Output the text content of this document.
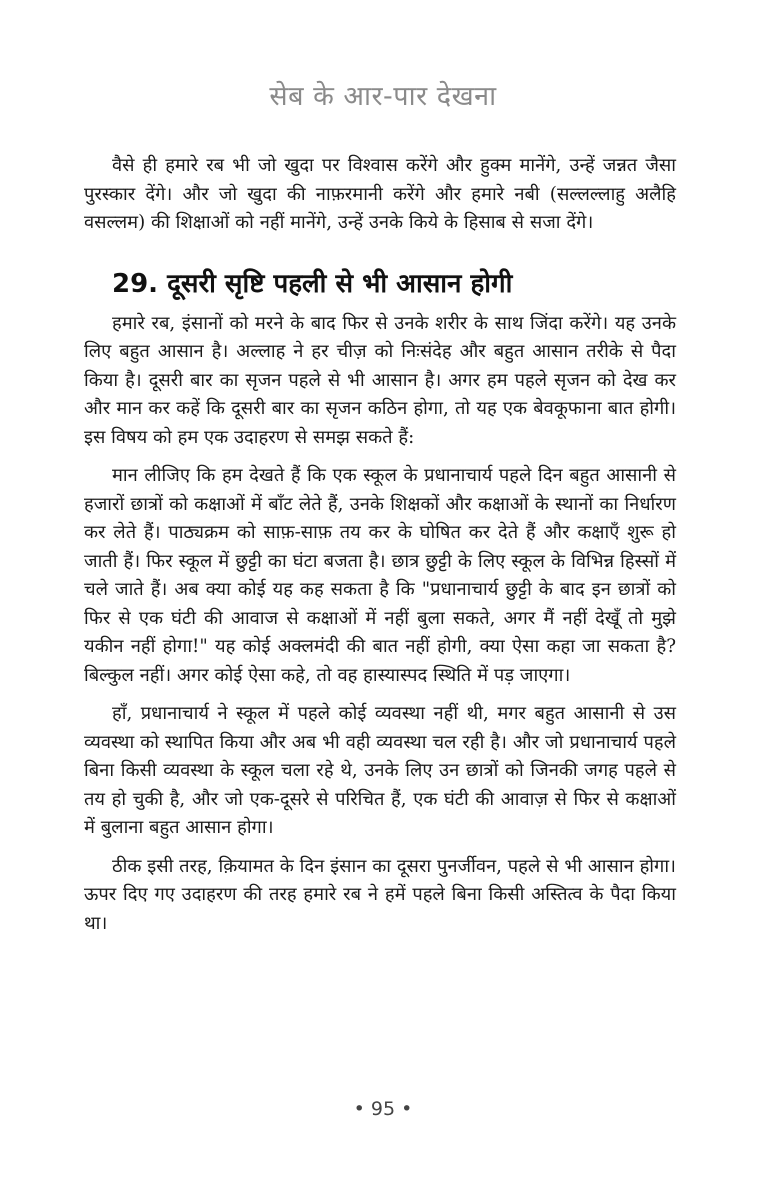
सेब के आर-पार देखना

वैसे ही हमारे रब भी जो खुदा पर विश्वास करेंगे और हुक्म मानेंगे, उन्हें जन्नत जैसा पुरस्कार देंगे। और जो खुदा की नाफ़रमानी करेंगे और हमारे नबी (सल्लल्लाहु अलैहि वसल्लम) की शिक्षाओं को नहीं मानेंगे, उन्हें उनके किये के हिसाब से सजा देंगे।

29. दूसरी सृष्टि पहली से भी आसान होगी

हमारे रब, इंसानों को मरने के बाद फिर से उनके शरीर के साथ जिंदा करेंगे। यह उनके लिए बहुत आसान है। अल्लाह ने हर चीज़ को निःसंदेह और बहुत आसान तरीके से पैदा किया है। दूसरी बार का सृजन पहले से भी आसान है। अगर हम पहले सृजन को देख कर और मान कर कहें कि दूसरी बार का सृजन कठिन होगा, तो यह एक बेवकूफाना बात होगी। इस विषय को हम एक उदाहरण से समझ सकते हैं:

मान लीजिए कि हम देखते हैं कि एक स्कूल के प्रधानाचार्य पहले दिन बहुत आसानी से हजारों छात्रों को कक्षाओं में बाँट लेते हैं, उनके शिक्षकों और कक्षाओं के स्थानों का निर्धारण कर लेते हैं। पाठ्यक्रम को साफ़-साफ़ तय कर के घोषित कर देते हैं और कक्षाएँ शुरू हो जाती हैं। फिर स्कूल में छुट्टी का घंटा बजता है। छात्र छुट्टी के लिए स्कूल के विभिन्न हिस्सों में चले जाते हैं। अब क्या कोई यह कह सकता है कि "प्रधानाचार्य छुट्टी के बाद इन छात्रों को फिर से एक घंटी की आवाज से कक्षाओं में नहीं बुला सकते, अगर मैं नहीं देखूँ तो मुझे यकीन नहीं होगा!" यह कोई अक्लमंदी की बात नहीं होगी, क्या ऐसा कहा जा सकता है? बिल्कुल नहीं। अगर कोई ऐसा कहे, तो वह हास्यास्पद स्थिति में पड़ जाएगा।

हाँ, प्रधानाचार्य ने स्कूल में पहले कोई व्यवस्था नहीं थी, मगर बहुत आसानी से उस व्यवस्था को स्थापित किया और अब भी वही व्यवस्था चल रही है। और जो प्रधानाचार्य पहले बिना किसी व्यवस्था के स्कूल चला रहे थे, उनके लिए उन छात्रों को जिनकी जगह पहले से तय हो चुकी है, और जो एक-दूसरे से परिचित हैं, एक घंटी की आवाज़ से फिर से कक्षाओं में बुलाना बहुत आसान होगा।

ठीक इसी तरह, क़ियामत के दिन इंसान का दूसरा पुनर्जीवन, पहले से भी आसान होगा। ऊपर दिए गए उदाहरण की तरह हमारे रब ने हमें पहले बिना किसी अस्तित्व के पैदा किया था।

• 95 •
